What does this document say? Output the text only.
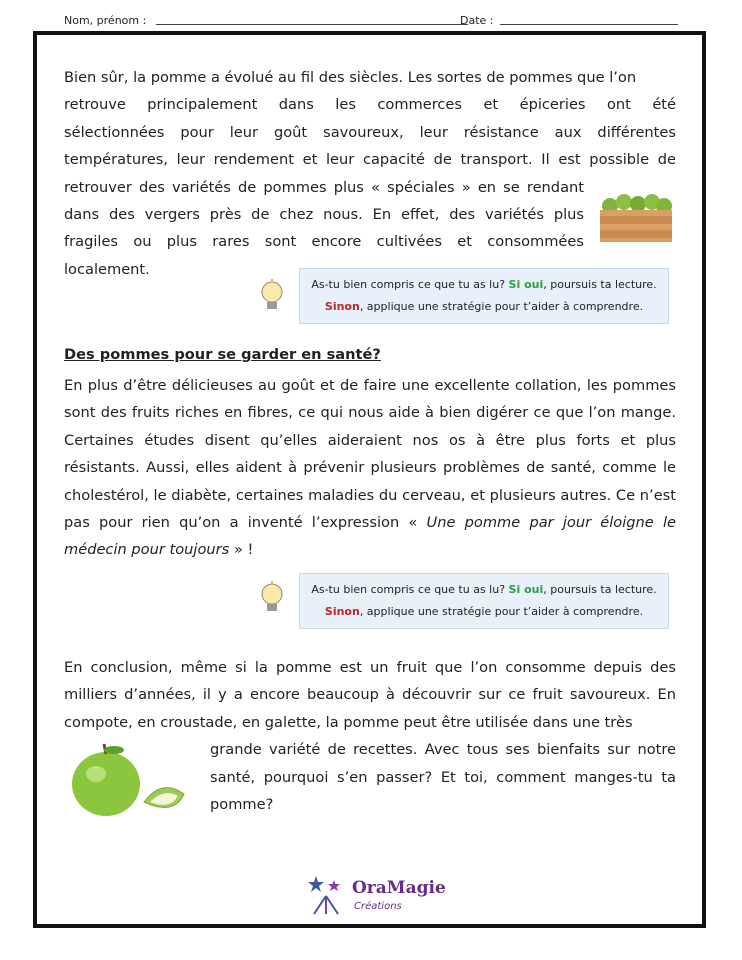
Nom, prénom :	Date :

Bien sûr, la pomme a évolué au fil des siècles. Les sortes de pommes que l’on
retrouve principalement dans les commerces et épiceries ont été
sélectionnées pour leur goût savoureux, leur résistance aux différentes
températures, leur rendement et leur capacité de transport. Il est possible de
retrouver des variétés de pommes plus « spéciales » en se rendant
dans des vergers près de chez nous. En effet, des variétés plus
fragiles ou plus rares sont encore cultivées et consommées
localement.

As-tu bien compris ce que tu as lu? Si oui, poursuis ta lecture.
Sinon, applique une stratégie pour t’aider à comprendre.

Des pommes pour se garder en santé?

En plus d’être délicieuses au goût et de faire une excellente collation, les pommes sont des fruits riches en fibres, ce qui nous aide à bien digérer ce que l’on mange. Certaines études disent qu’elles aideraient nos os à être plus forts et plus résistants. Aussi, elles aident à prévenir plusieurs problèmes de santé, comme le cholestérol, le diabète, certaines maladies du cerveau, et plusieurs autres. Ce n’est pas pour rien qu’on a inventé l’expression « Une pomme par jour éloigne le médecin pour toujours » !

As-tu bien compris ce que tu as lu? Si oui, poursuis ta lecture.
Sinon, applique une stratégie pour t’aider à comprendre.

En conclusion, même si la pomme est un fruit que l’on consomme depuis des milliers d’années, il y a encore beaucoup à découvrir sur ce fruit savoureux. En compote, en croustade, en galette, la pomme peut être utilisée dans une très
grande variété de recettes. Avec tous ses bienfaits sur notre santé, pourquoi s’en passer? Et toi, comment manges-tu ta pomme?

OraMagie
Créations
